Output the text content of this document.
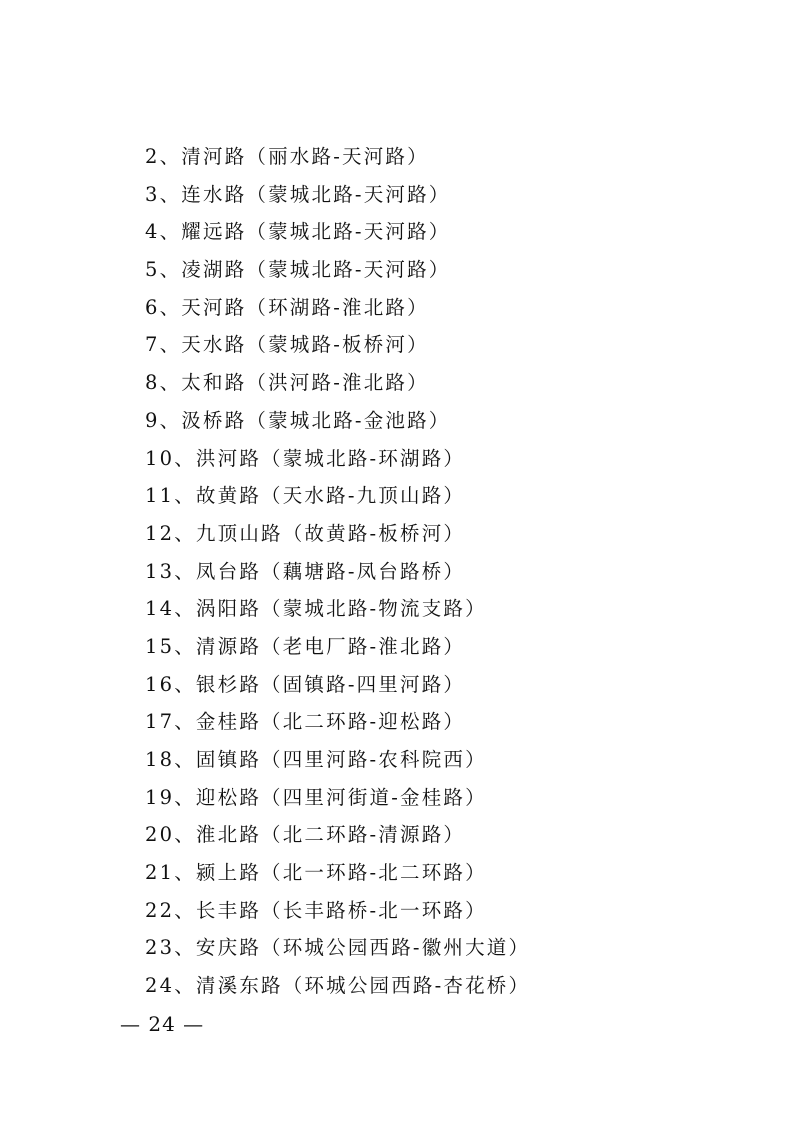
2、清河路（丽水路-天河路）
3、连水路（蒙城北路-天河路）
4、耀远路（蒙城北路-天河路）
5、凌湖路（蒙城北路-天河路）
6、天河路（环湖路-淮北路）
7、天水路（蒙城路-板桥河）
8、太和路（洪河路-淮北路）
9、汲桥路（蒙城北路-金池路）
10、洪河路（蒙城北路-环湖路）
11、故黄路（天水路-九顶山路）
12、九顶山路（故黄路-板桥河）
13、凤台路（藕塘路-凤台路桥）
14、涡阳路（蒙城北路-物流支路）
15、清源路（老电厂路-淮北路）
16、银杉路（固镇路-四里河路）
17、金桂路（北二环路-迎松路）
18、固镇路（四里河路-农科院西）
19、迎松路（四里河街道-金桂路）
20、淮北路（北二环路-清源路）
21、颍上路（北一环路-北二环路）
22、长丰路（长丰路桥-北一环路）
23、安庆路（环城公园西路-徽州大道）
24、清溪东路（环城公园西路-杏花桥）
— 24 —
